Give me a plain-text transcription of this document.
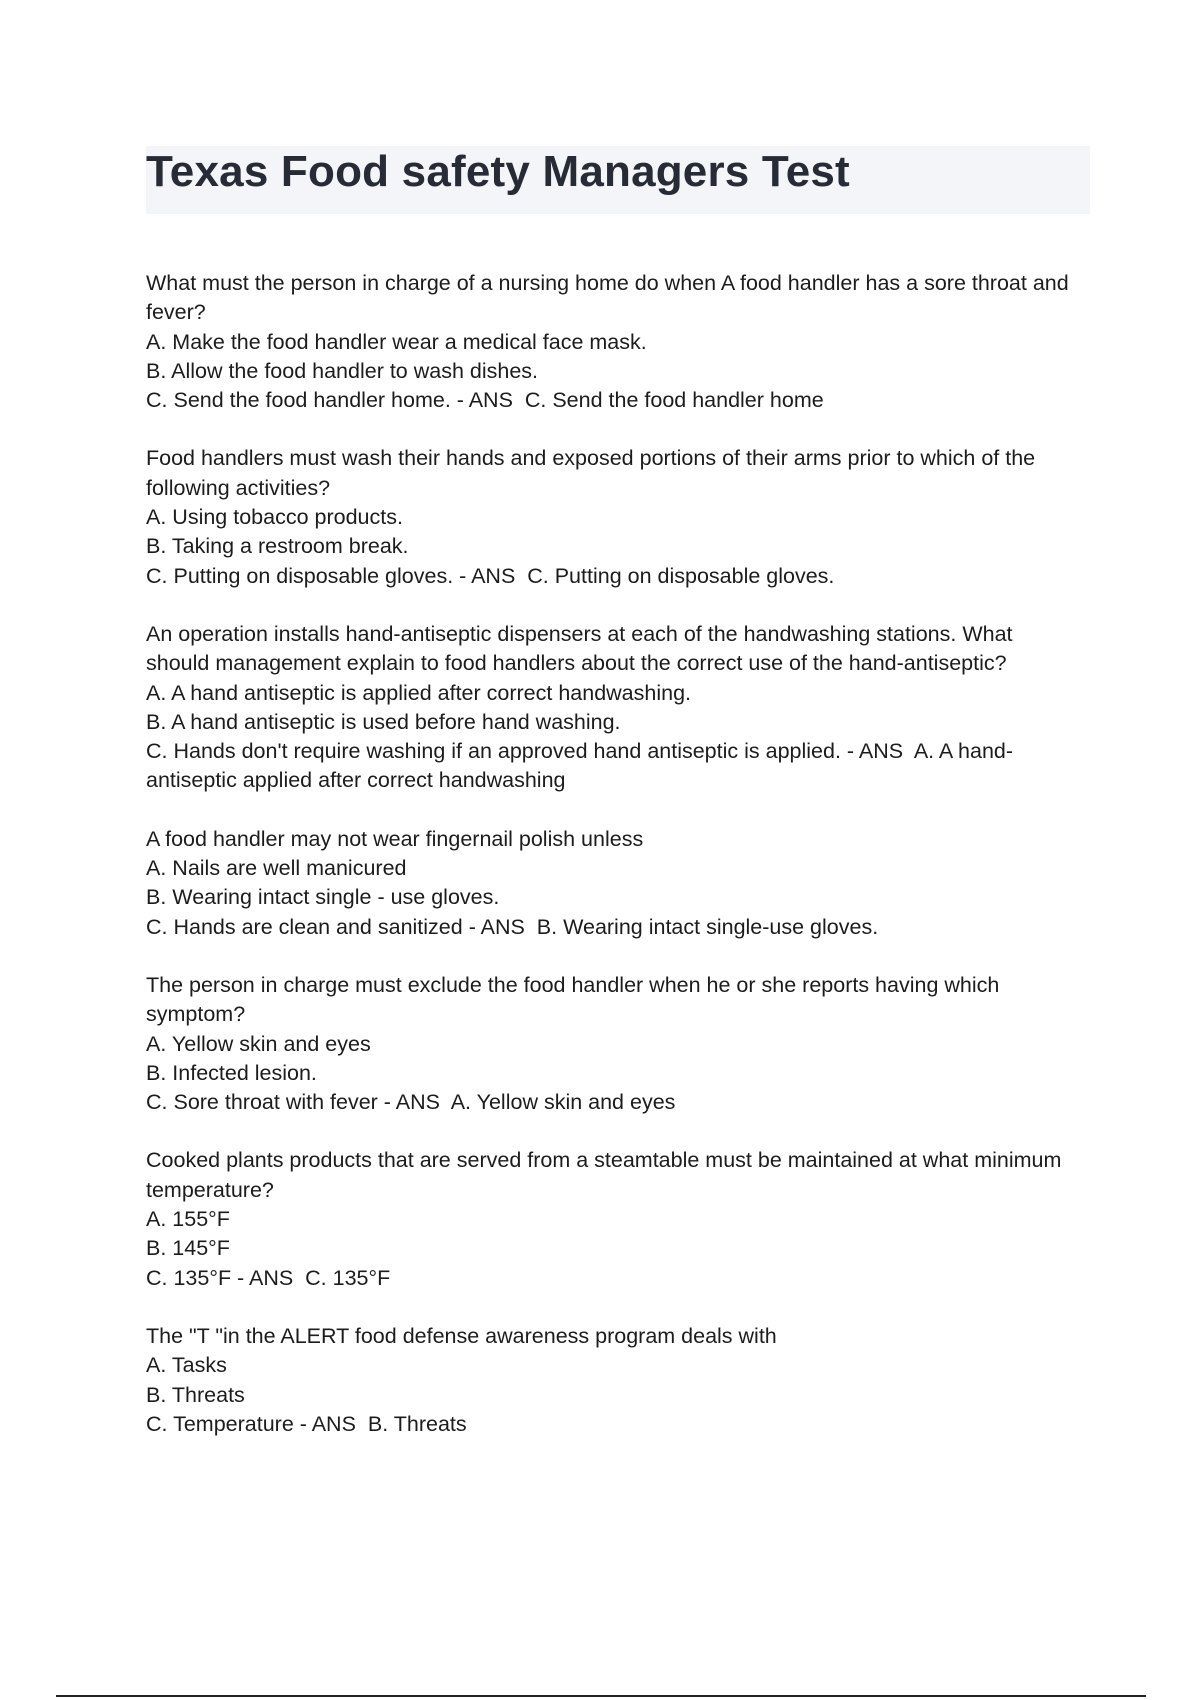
Texas Food safety Managers Test

What must the person in charge of a nursing home do when A food handler has a sore throat and fever?

A. Make the food handler wear a medical face mask.

B. Allow the food handler to wash dishes.

C. Send the food handler home. - ANS  C. Send the food handler home

Food handlers must wash their hands and exposed portions of their arms prior to which of the following activities?

A. Using tobacco products.

B. Taking a restroom break.

C. Putting on disposable gloves. - ANS  C. Putting on disposable gloves.

An operation installs hand-antiseptic dispensers at each of the handwashing stations. What should management explain to food handlers about the correct use of the hand-antiseptic?

A. A hand antiseptic is applied after correct handwashing.

B. A hand antiseptic is used before hand washing.

C. Hands don't require washing if an approved hand antiseptic is applied. - ANS  A. A hand-antiseptic applied after correct handwashing

A food handler may not wear fingernail polish unless

A. Nails are well manicured

B. Wearing intact single - use gloves.

C. Hands are clean and sanitized - ANS  B. Wearing intact single-use gloves.

The person in charge must exclude the food handler when he or she reports having which symptom?

A. Yellow skin and eyes

B. Infected lesion.

C. Sore throat with fever - ANS  A. Yellow skin and eyes

Cooked plants products that are served from a steamtable must be maintained at what minimum temperature?

A. 155°F

B. 145°F

C. 135°F - ANS  C. 135°F

The "T "in the ALERT food defense awareness program deals with

A. Tasks

B. Threats

C. Temperature - ANS  B. Threats
